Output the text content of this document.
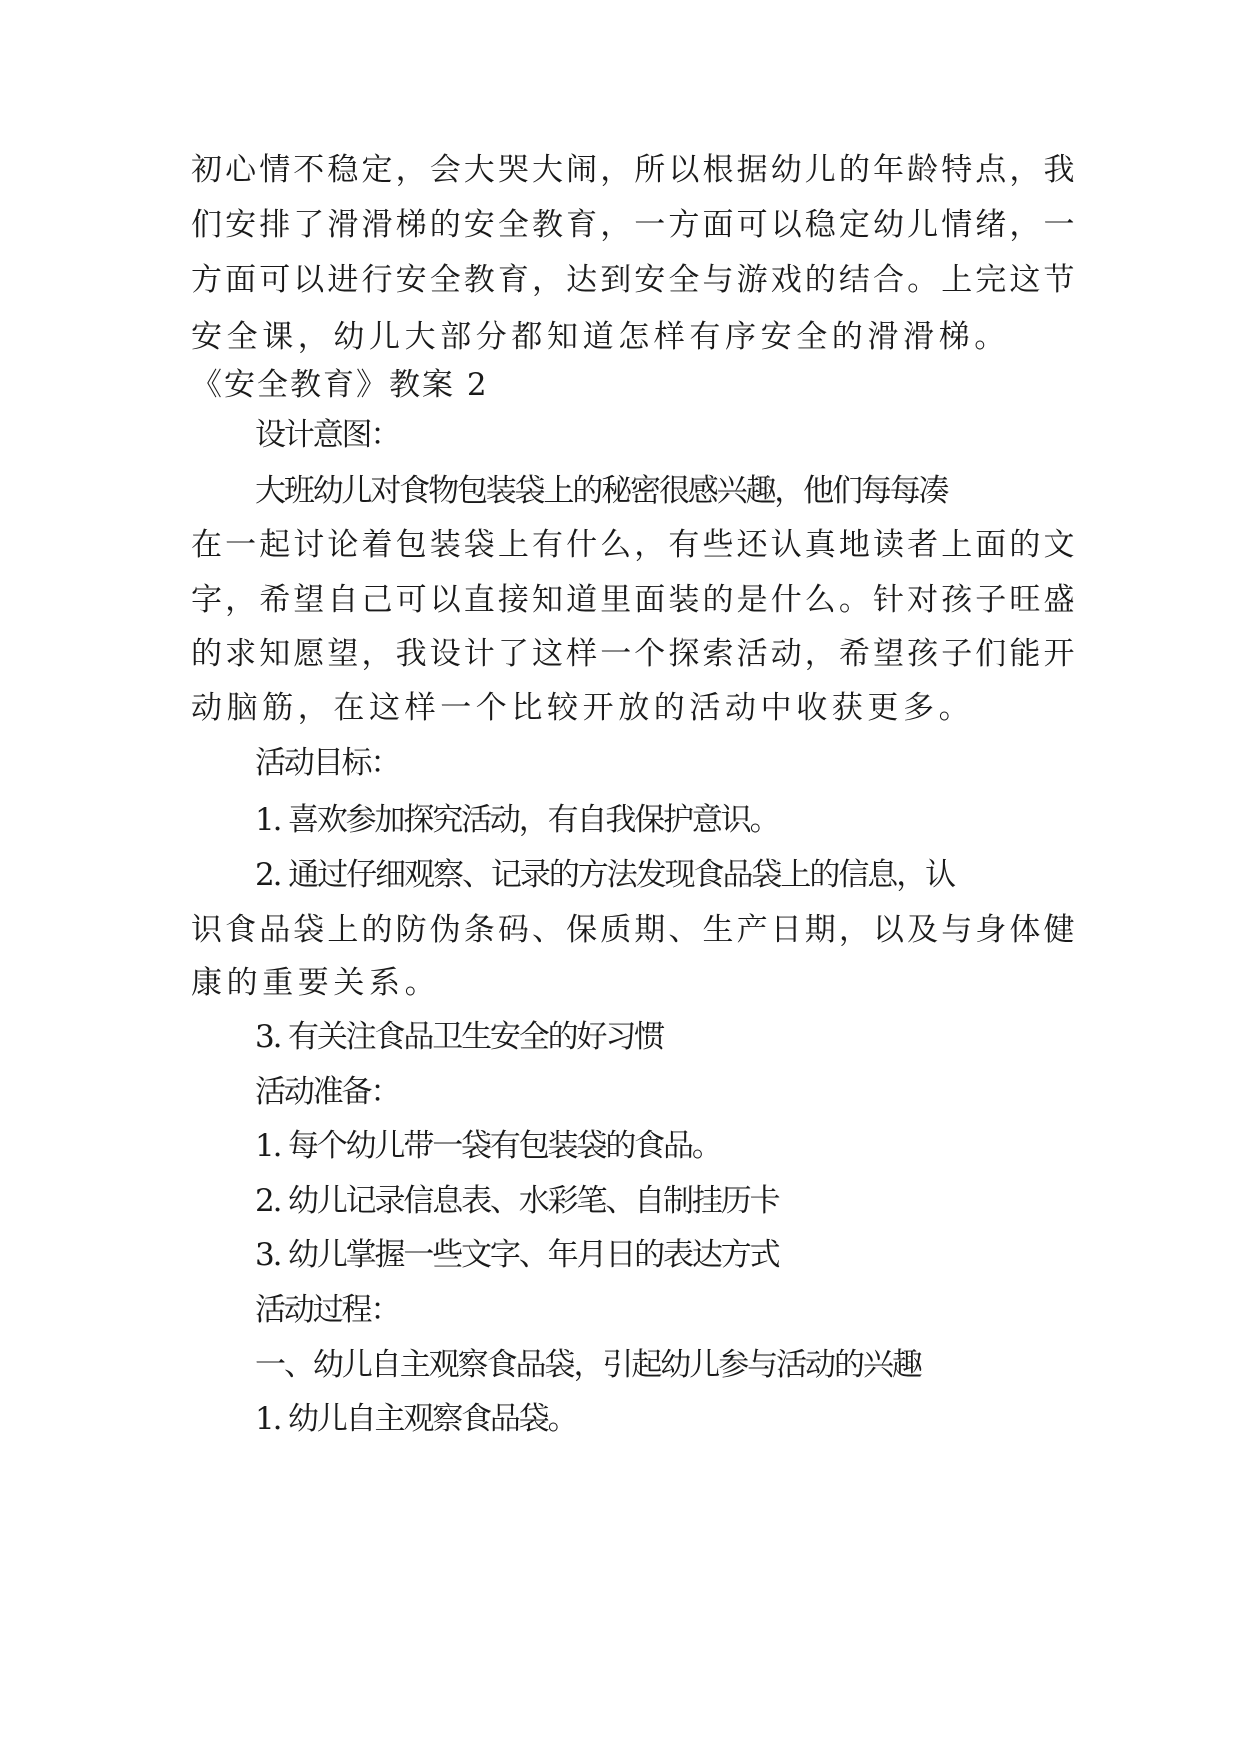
初心情不稳定，会大哭大闹，所以根据幼儿的年龄特点，我
们安排了滑滑梯的安全教育，一方面可以稳定幼儿情绪，一
方面可以进行安全教育，达到安全与游戏的结合。上完这节
安全课，幼儿大部分都知道怎样有序安全的滑滑梯。
《安全教育》教案 2
设计意图：
大班幼儿对食物包装袋上的秘密很感兴趣，他们每每凑
在一起讨论着包装袋上有什么，有些还认真地读者上面的文
字，希望自己可以直接知道里面装的是什么。针对孩子旺盛
的求知愿望，我设计了这样一个探索活动，希望孩子们能开
动脑筋，在这样一个比较开放的活动中收获更多。
活动目标：
1. 喜欢参加探究活动，有自我保护意识。
2. 通过仔细观察、记录的方法发现食品袋上的信息，认
识食品袋上的防伪条码、保质期、生产日期，以及与身体健
康的重要关系。
3. 有关注食品卫生安全的好习惯
活动准备：
1. 每个幼儿带一袋有包装袋的食品。
2. 幼儿记录信息表、水彩笔、自制挂历卡
3. 幼儿掌握一些文字、年月日的表达方式
活动过程：
一、幼儿自主观察食品袋，引起幼儿参与活动的兴趣
1. 幼儿自主观察食品袋。
